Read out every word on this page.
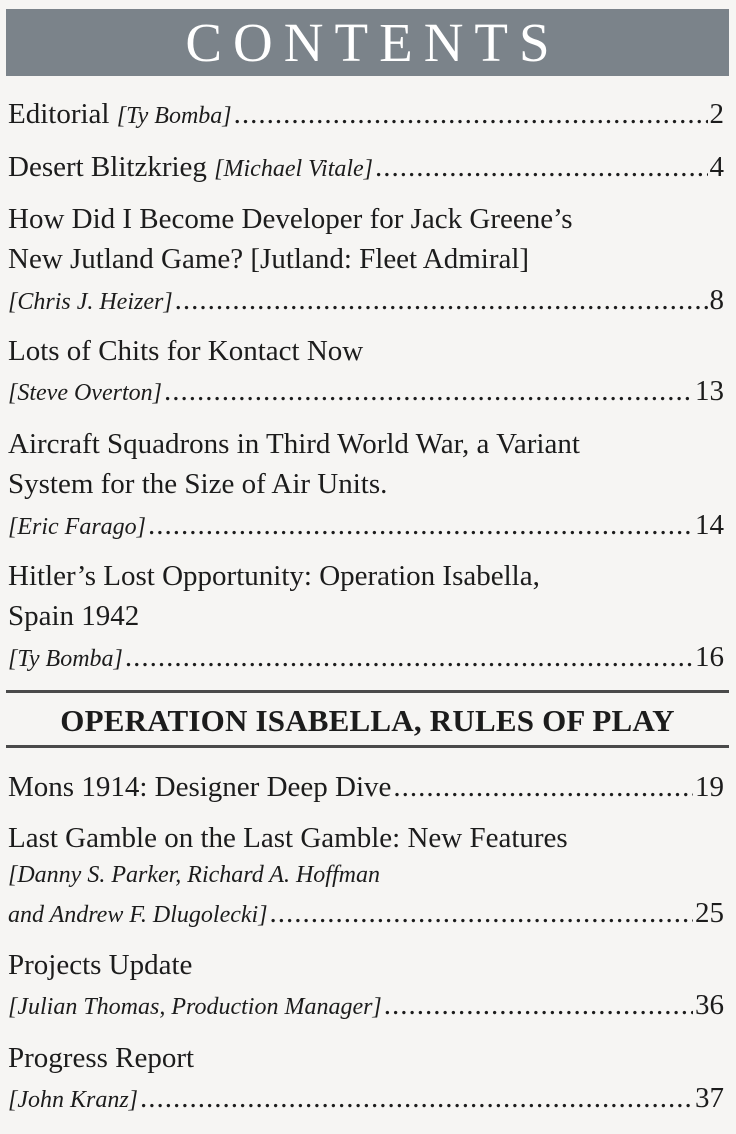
CONTENTS
Editorial [Ty Bomba] .....	2
Desert Blitzkrieg [Michael Vitale] .....	4
How Did I Become Developer for Jack Greene’s
New Jutland Game? [Jutland: Fleet Admiral]
[Chris J. Heizer] .....	8
Lots of Chits for Kontact Now
[Steve Overton] .....	13
Aircraft Squadrons in Third World War, a Variant
System for the Size of Air Units.
[Eric Farago] .....	14
Hitler’s Lost Opportunity: Operation Isabella,
Spain 1942
[Ty Bomba] .....	16
Mons 1914: Designer Deep Dive .....	19
Last Gamble on the Last Gamble: New Features
[Danny S. Parker, Richard A. Hoffman
and Andrew F. Dlugolecki] .....	25
Projects Update
[Julian Thomas, Production Manager] .....	36
Progress Report
[John Kranz] .....	37
OPERATION ISABELLA, RULES OF PLAY
